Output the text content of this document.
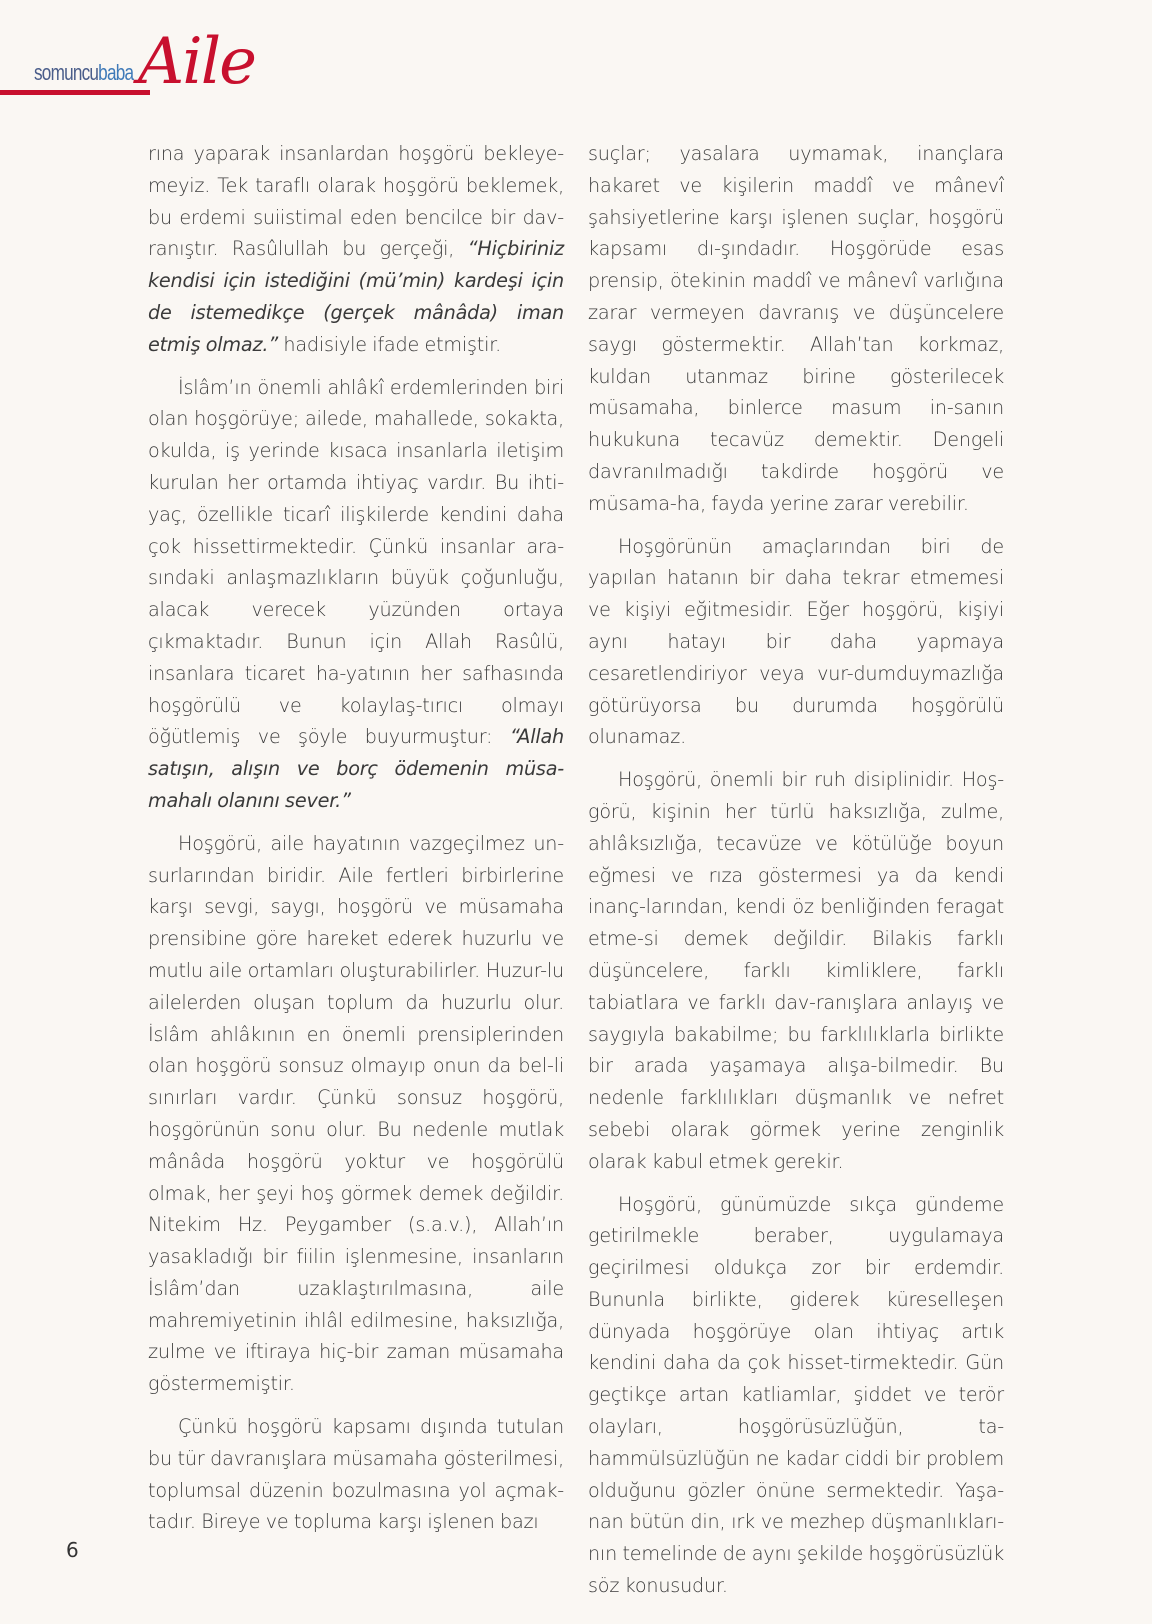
somuncubaba Aile

rına yaparak insanlardan hoşgörü bekleye-meyiz. Tek taraflı olarak hoşgörü beklemek, bu erdemi suiistimal eden bencilce bir dav-ranıştır. Rasûlullah bu gerçeği, “Hiçbiriniz kendisi için istediğini (mü’min) kardeşi için de istemedikçe (gerçek mânâda) iman etmiş olmaz.” hadisiyle ifade etmiştir.

İslâm’ın önemli ahlâkî erdemlerinden biri olan hoşgörüye; ailede, mahallede, sokakta, okulda, iş yerinde kısaca insanlarla iletişim kurulan her ortamda ihtiyaç vardır. Bu ihti-yaç, özellikle ticarî ilişkilerde kendini daha çok hissettirmektedir. Çünkü insanlar ara-sındaki anlaşmazlıkların büyük çoğunluğu, alacak verecek yüzünden ortaya çıkmaktadır. Bunun için Allah Rasûlü, insanlara ticaret ha-yatının her safhasında hoşgörülü ve kolaylaş-tırıcı olmayı öğütlemiş ve şöyle buyurmuştur: “Allah satışın, alışın ve borç ödemenin müsa-mahalı olanını sever.”

Hoşgörü, aile hayatının vazgeçilmez un-surlarından biridir. Aile fertleri birbirlerine karşı sevgi, saygı, hoşgörü ve müsamaha prensibine göre hareket ederek huzurlu ve mutlu aile ortamları oluşturabilirler. Huzur-lu ailelerden oluşan toplum da huzurlu olur. İslâm ahlâkının en önemli prensiplerinden olan hoşgörü sonsuz olmayıp onun da bel-li sınırları vardır. Çünkü sonsuz hoşgörü, hoşgörünün sonu olur. Bu nedenle mutlak mânâda hoşgörü yoktur ve hoşgörülü olmak, her şeyi hoş görmek demek değildir. Nitekim Hz. Peygamber (s.a.v.), Allah’ın yasakladığı bir fiilin işlenmesine, insanların İslâm’dan uzaklaştırılmasına, aile mahremiyetinin ihlâl edilmesine, haksızlığa, zulme ve iftiraya hiç-bir zaman müsamaha göstermemiştir.

Çünkü hoşgörü kapsamı dışında tutulan bu tür davranışlara müsamaha gösterilmesi, toplumsal düzenin bozulmasına yol açmak-tadır. Bireye ve topluma karşı işlenen bazı

suçlar; yasalara uymamak, inançlara hakaret ve kişilerin maddî ve mânevî şahsiyetlerine karşı işlenen suçlar, hoşgörü kapsamı dı-şındadır. Hoşgörüde esas prensip, ötekinin maddî ve mânevî varlığına zarar vermeyen davranış ve düşüncelere saygı göstermektir. Allah’tan korkmaz, kuldan utanmaz birine gösterilecek müsamaha, binlerce masum in-sanın hukukuna tecavüz demektir. Dengeli davranılmadığı takdirde hoşgörü ve müsama-ha, fayda yerine zarar verebilir.

Hoşgörünün amaçlarından biri de yapılan hatanın bir daha tekrar etmemesi ve kişiyi eğitmesidir. Eğer hoşgörü, kişiyi aynı hatayı bir daha yapmaya cesaretlendiriyor veya vur-dumduymazlığa götürüyorsa bu durumda hoşgörülü olunamaz.

Hoşgörü, önemli bir ruh disiplinidir. Hoş-görü, kişinin her türlü haksızlığa, zulme, ahlâksızlığa, tecavüze ve kötülüğe boyun eğmesi ve rıza göstermesi ya da kendi inanç-larından, kendi öz benliğinden feragat etme-si demek değildir. Bilakis farklı düşüncelere, farklı kimliklere, farklı tabiatlara ve farklı dav-ranışlara anlayış ve saygıyla bakabilme; bu farklılıklarla birlikte bir arada yaşamaya alışa-bilmedir. Bu nedenle farklılıkları düşmanlık ve nefret sebebi olarak görmek yerine zenginlik olarak kabul etmek gerekir.

Hoşgörü, günümüzde sıkça gündeme getirilmekle beraber, uygulamaya geçirilmesi oldukça zor bir erdemdir. Bununla birlikte, giderek küreselleşen dünyada hoşgörüye olan ihtiyaç artık kendini daha da çok hisset-tirmektedir. Gün geçtikçe artan katliamlar, şiddet ve terör olayları, hoşgörüsüzlüğün, ta-hammülsüzlüğün ne kadar ciddi bir problem olduğunu gözler önüne sermektedir. Yaşa-nan bütün din, ırk ve mezhep düşmanlıkları-nın temelinde de aynı şekilde hoşgörüsüzlük söz konusudur.

6
